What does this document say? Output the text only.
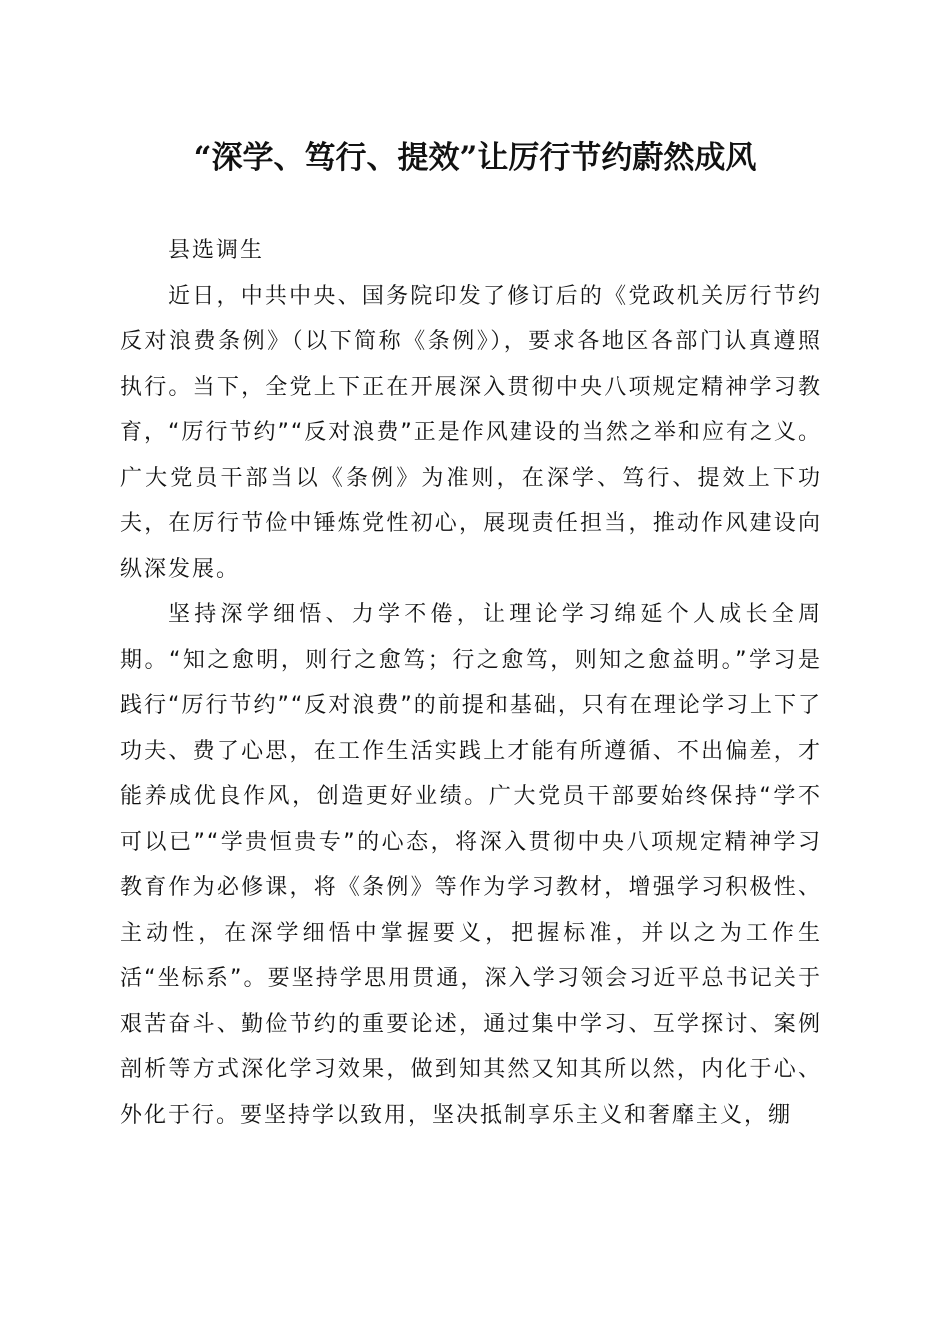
“深学、笃行、提效”让厉行节约蔚然成风

县选调生

近日，中共中央、国务院印发了修订后的《党政机关厉行节约反对浪费条例》（以下简称《条例》），要求各地区各部门认真遵照执行。当下，全党上下正在开展深入贯彻中央八项规定精神学习教育，“厉行节约”“反对浪费”正是作风建设的当然之举和应有之义。广大党员干部当以《条例》为准则，在深学、笃行、提效上下功夫，在厉行节俭中锤炼党性初心，展现责任担当，推动作风建设向纵深发展。

坚持深学细悟、力学不倦，让理论学习绵延个人成长全周期。“知之愈明，则行之愈笃；行之愈笃，则知之愈益明。”学习是践行“厉行节约”“反对浪费”的前提和基础，只有在理论学习上下了功夫、费了心思，在工作生活实践上才能有所遵循、不出偏差，才能养成优良作风，创造更好业绩。广大党员干部要始终保持“学不可以已”“学贵恒贵专”的心态，将深入贯彻中央八项规定精神学习教育作为必修课，将《条例》等作为学习教材，增强学习积极性、主动性，在深学细悟中掌握要义，把握标准，并以之为工作生活“坐标系”。要坚持学思用贯通，深入学习领会习近平总书记关于艰苦奋斗、勤俭节约的重要论述，通过集中学习、互学探讨、案例剖析等方式深化学习效果，做到知其然又知其所以然，内化于心、外化于行。要坚持学以致用，坚决抵制享乐主义和奢靡主义，绷
